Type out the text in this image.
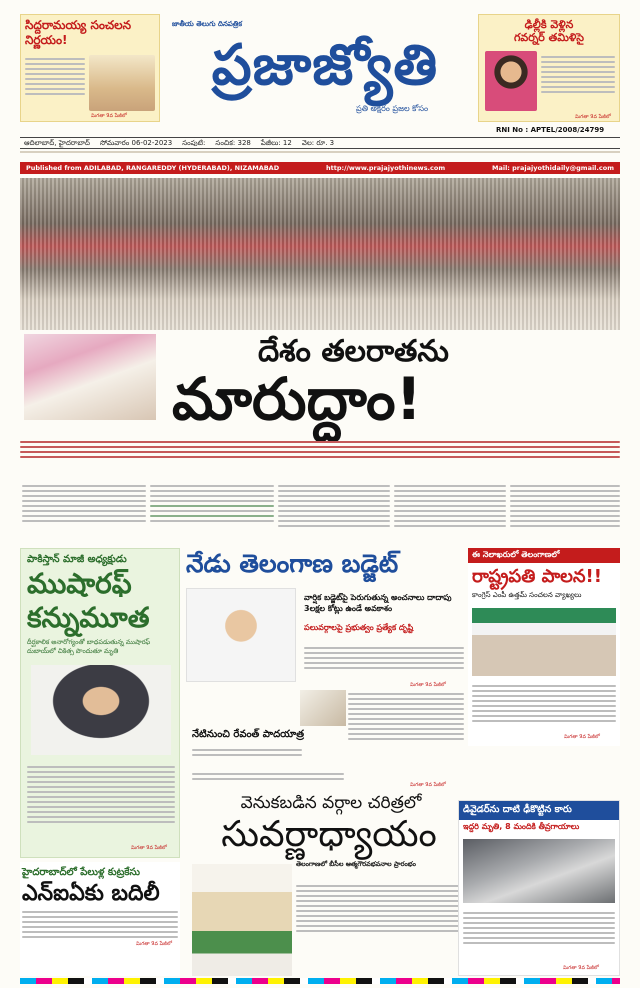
సిద్దరామయ్య సంచలన నిర్ణయం!
మిగతా 9వ పేజీలో
జాతీయ తెలుగు దినపత్రిక
ప్రజాజ్యోతి
ప్రతి అక్షరం ప్రజల కోసం
ఢిల్లీకి వెళ్లిన
గవర్నర్ తమిళిసై
మిగతా 9వ పేజీలో
RNI No : APTEL/2008/24799
ఆదిలాబాద్, హైదరాబాద్ సోమవారం 06-02-2023 సంపుటి: సంచిక: 328 పేజీలు: 12 వెల: రూ. 3
Published from ADILABAD, RANGAREDDY (HYDERABAD), NIZAMABAD	http://www.prajajyothinews.com	Mail: prajajyothidaily@gmail.com
దేశం తలరాతను
మారుద్దాం!
పాకిస్తాన్ మాజీ అధ్యక్షుడు
ముషారఫ్
కన్నుమూత
దీర్ఘకాలిక అనారోగ్యంతో బాధపడుతున్న ముషారఫ్ దుబాయ్‌లో చికిత్స పొందుతూ మృతి
మిగతా 9వ పేజీలో
నేడు తెలంగాణ బడ్జెట్
వార్షిక బడ్జెట్‌పై పెరుగుతున్న అంచనాలు దాదాపు 3లక్షల కోట్లు ఉండే అవకాశం
పలువర్గాలపై ప్రభుత్వం ప్రత్యేక దృష్టి
మిగతా 9వ పేజీలో
ఈ నెలాఖరులో తెలంగాణలో
రాష్ట్రపతి పాలన!!
కాంగ్రెస్ ఎంపీ ఉత్తమ్ సంచలన వ్యాఖ్యలు
మిగతా 9వ పేజీలో
నేటినుంచి రేవంత్ పాదయాత్ర
మిగతా 9వ పేజీలో
వెనుకబడిన వర్గాల చరిత్రలో
సువర్ణాధ్యాయం
తెలంగాణలో బీసీల ఆత్మగౌరవభవనాల ప్రారంభం
హైదరాబాద్‌లో పేలుళ్ల కుట్రకేసు
ఎన్ఐఏకు బదిలీ
మిగతా 9వ పేజీలో
డివైడర్‌ను దాటి ఢీకొట్టిన కారు
ఇద్దరి మృతి, 8 మందికి తీవ్రగాయాలు
మిగతా 9వ పేజీలో
